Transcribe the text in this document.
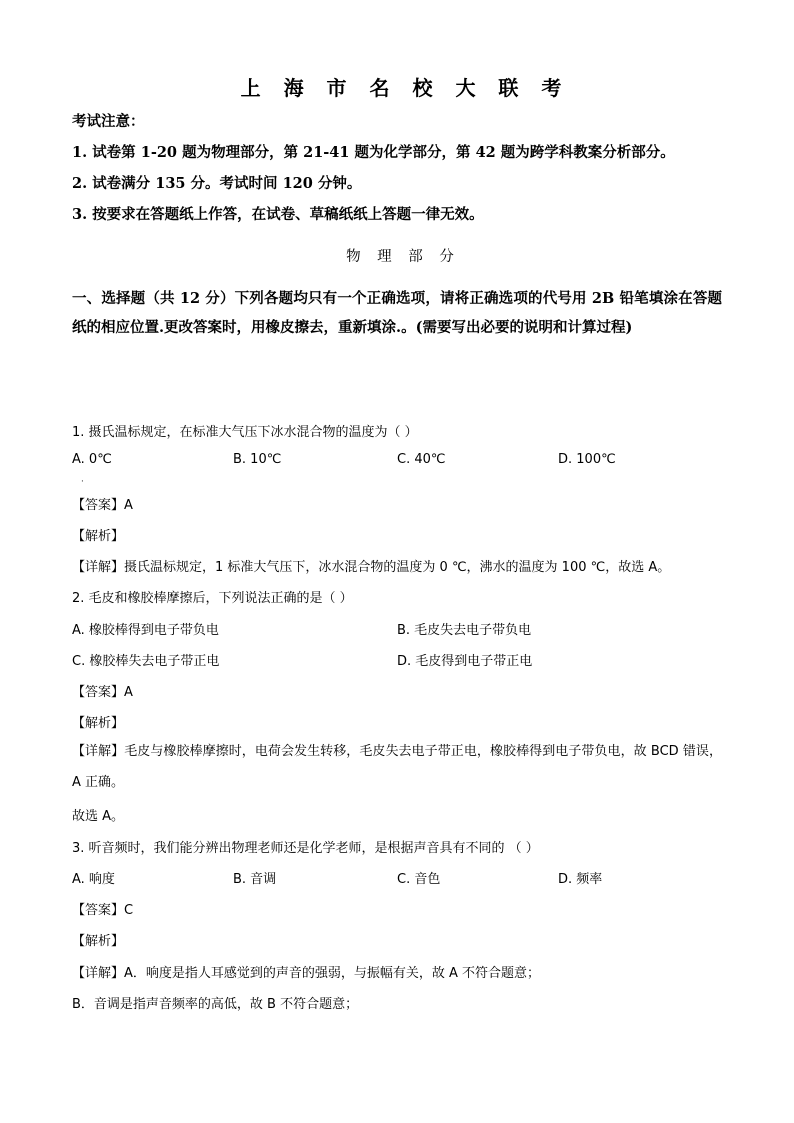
上 海 市 名 校 大 联 考
考试注意：
1. 试卷第 1-20 题为物理部分，第 21-41 题为化学部分，第 42 题为跨学科教案分析部分。
2. 试卷满分 135 分。考试时间 120 分钟。
3. 按要求在答题纸上作答，在试卷、草稿纸纸上答题一律无效。
物 理 部 分
一、选择题（共 12 分）下列各题均只有一个正确选项，请将正确选项的代号用 2B 铅笔填涂在答题纸的相应位置.更改答案时，用橡皮擦去，重新填涂.。(需要写出必要的说明和计算过程)
1. 摄氏温标规定，在标准大气压下冰水混合物的温度为（ ）
A. 0℃	B. 10℃	C. 40℃	D. 100℃
·
【答案】A
【解析】
【详解】摄氏温标规定，1 标准大气压下，冰水混合物的温度为 0 ℃，沸水的温度为 100 ℃，故选 A。
2. 毛皮和橡胶棒摩擦后，下列说法正确的是（ ）
A. 橡胶棒得到电子带负电	B. 毛皮失去电子带负电
C. 橡胶棒失去电子带正电	D. 毛皮得到电子带正电
【答案】A
【解析】
【详解】毛皮与橡胶棒摩擦时，电荷会发生转移，毛皮失去电子带正电，橡胶棒得到电子带负电，故 BCD 错误，A 正确。
故选 A。
3. 听音频时，我们能分辨出物理老师还是化学老师，是根据声音具有不同的 （ ）
A. 响度	B. 音调	C. 音色	D. 频率
【答案】C
【解析】
【详解】A．响度是指人耳感觉到的声音的强弱，与振幅有关，故 A 不符合题意；
B．音调是指声音频率的高低，故 B 不符合题意；
